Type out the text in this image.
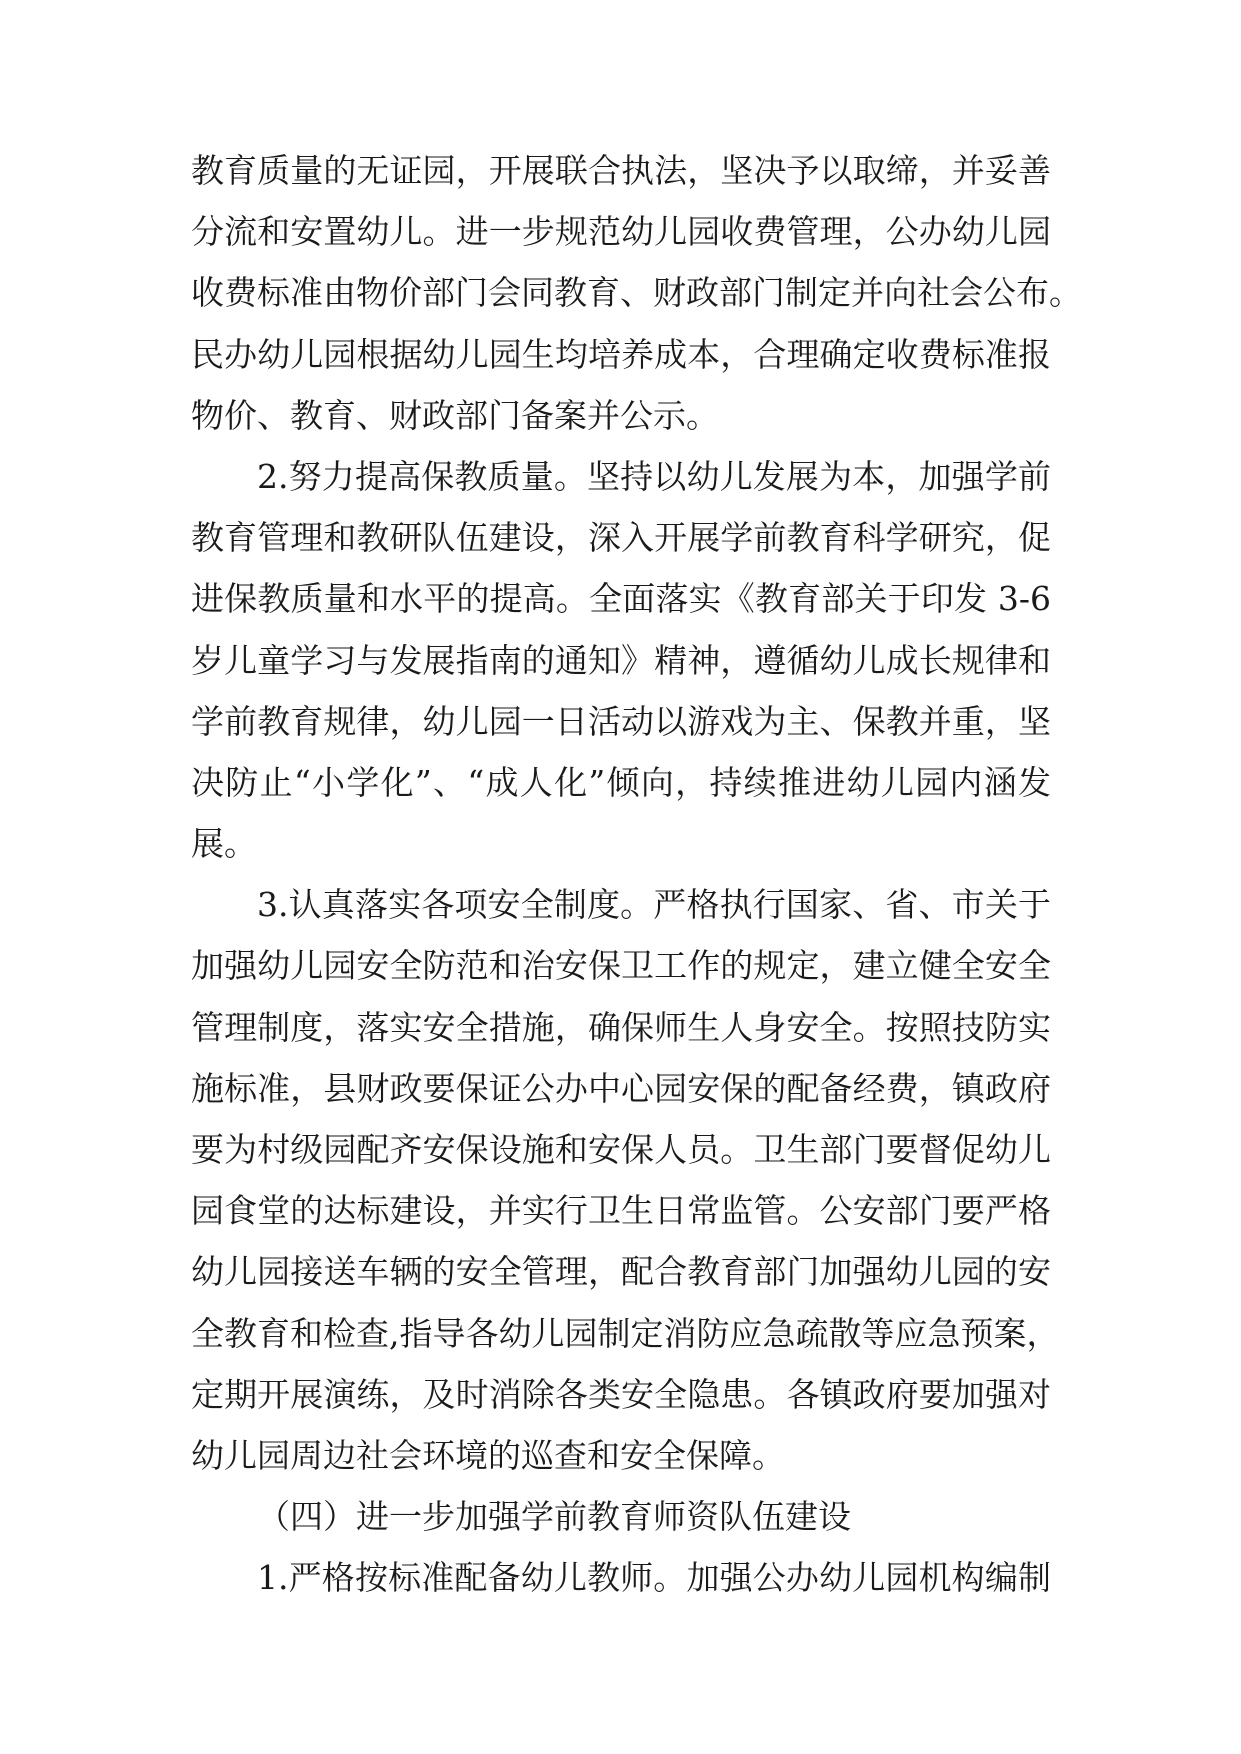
教育质量的无证园，开展联合执法，坚决予以取缔，并妥善
分流和安置幼儿。进一步规范幼儿园收费管理，公办幼儿园
收费标准由物价部门会同教育、财政部门制定并向社会公布。
民办幼儿园根据幼儿园生均培养成本，合理确定收费标准报
物价、教育、财政部门备案并公示。
2.努力提高保教质量。坚持以幼儿发展为本，加强学前
教育管理和教研队伍建设，深入开展学前教育科学研究，促
进保教质量和水平的提高。全面落实《教育部关于印发 3-6
岁儿童学习与发展指南的通知》精神，遵循幼儿成长规律和
学前教育规律，幼儿园一日活动以游戏为主、保教并重，坚
决防止“小学化”、“成人化”倾向，持续推进幼儿园内涵发
展。
3.认真落实各项安全制度。严格执行国家、省、市关于
加强幼儿园安全防范和治安保卫工作的规定，建立健全安全
管理制度，落实安全措施，确保师生人身安全。按照技防实
施标准，县财政要保证公办中心园安保的配备经费，镇政府
要为村级园配齐安保设施和安保人员。卫生部门要督促幼儿
园食堂的达标建设，并实行卫生日常监管。公安部门要严格
幼儿园接送车辆的安全管理，配合教育部门加强幼儿园的安
全教育和检查,指导各幼儿园制定消防应急疏散等应急预案，
定期开展演练，及时消除各类安全隐患。各镇政府要加强对
幼儿园周边社会环境的巡查和安全保障。
（四）进一步加强学前教育师资队伍建设
1.严格按标准配备幼儿教师。加强公办幼儿园机构编制
